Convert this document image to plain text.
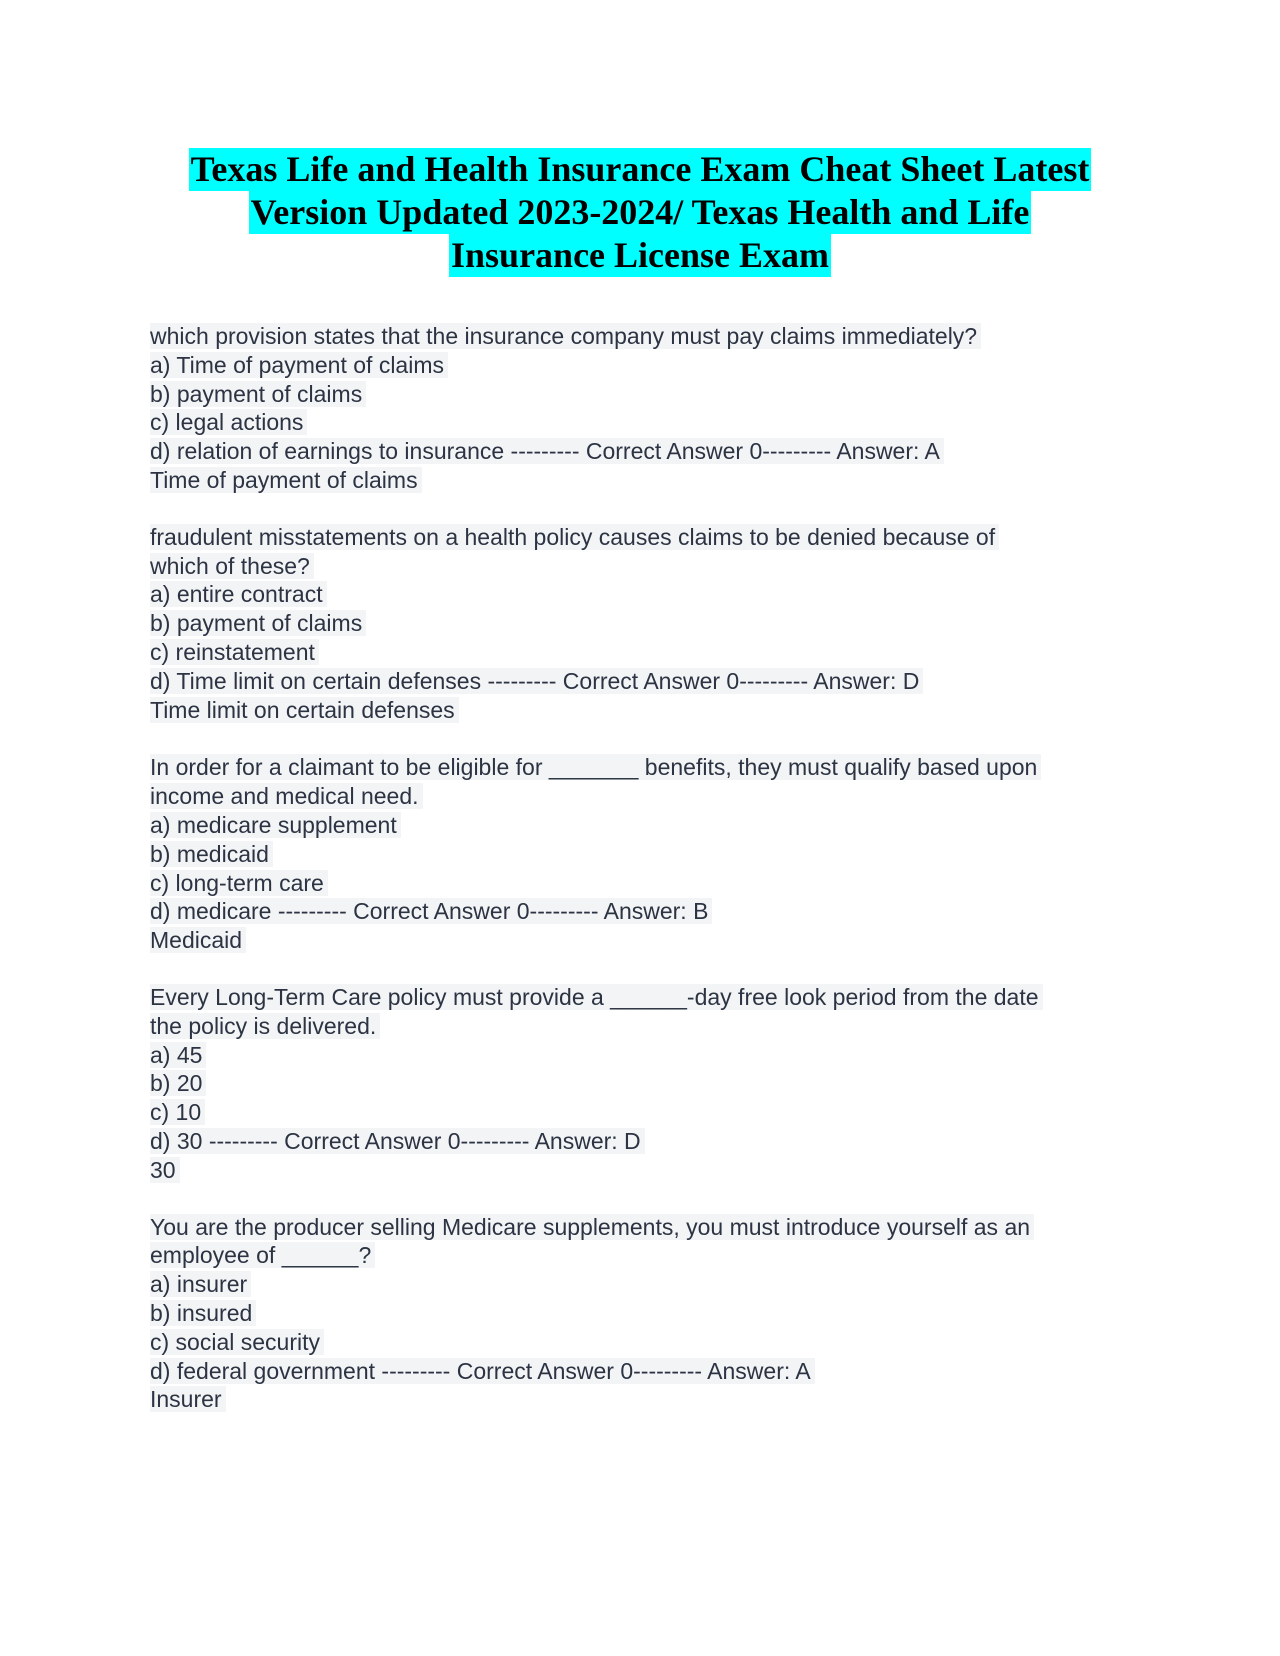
Texas Life and Health Insurance Exam Cheat Sheet Latest
Version Updated 2023-2024/ Texas Health and Life
Insurance License Exam
which provision states that the insurance company must pay claims immediately?
a) Time of payment of claims
b) payment of claims
c) legal actions
d) relation of earnings to insurance --------- Correct Answer 0--------- Answer: A
Time of payment of claims
fraudulent misstatements on a health policy causes claims to be denied because of
which of these?
a) entire contract
b) payment of claims
c) reinstatement
d) Time limit on certain defenses --------- Correct Answer 0--------- Answer: D
Time limit on certain defenses
In order for a claimant to be eligible for _______ benefits, they must qualify based upon
income and medical need.
a) medicare supplement
b) medicaid
c) long-term care
d) medicare --------- Correct Answer 0--------- Answer: B
Medicaid
Every Long-Term Care policy must provide a ______-day free look period from the date
the policy is delivered.
a) 45
b) 20
c) 10
d) 30 --------- Correct Answer 0--------- Answer: D
30
You are the producer selling Medicare supplements, you must introduce yourself as an
employee of ______?
a) insurer
b) insured
c) social security
d) federal government --------- Correct Answer 0--------- Answer: A
Insurer
